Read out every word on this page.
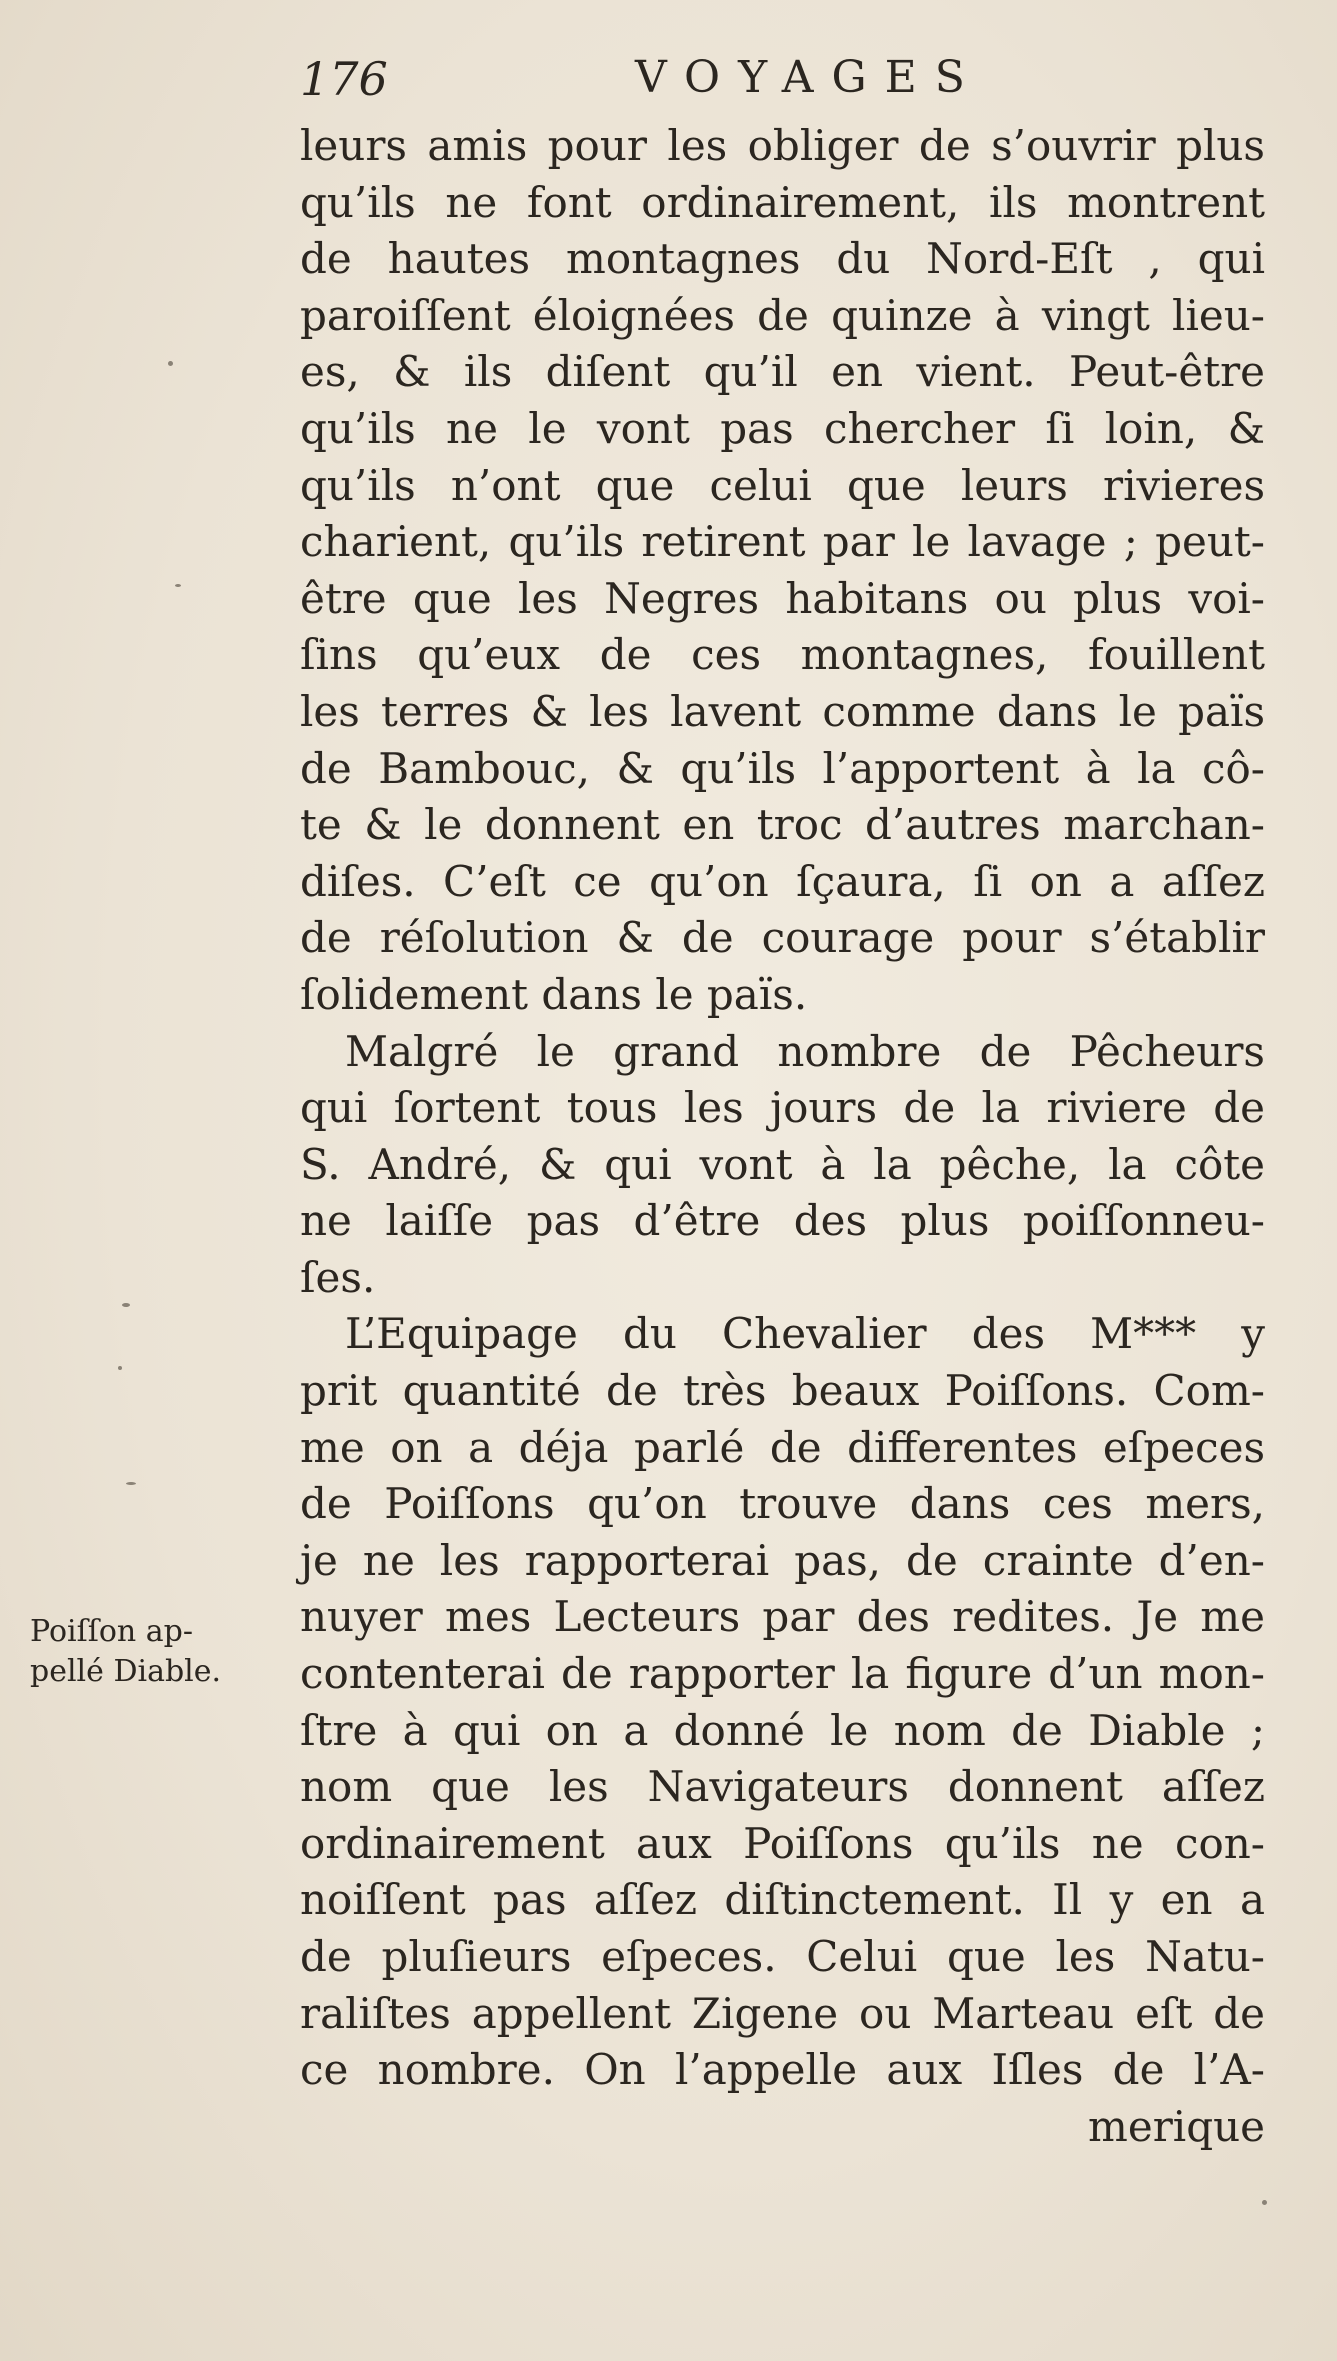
176	VOYAGES
leurs amis pour les obliger de s’ouvrir plus
qu’ils ne font ordinairement, ils montrent
de hautes montagnes du Nord-Eſt , qui
paroiſſent éloignées de quinze à vingt lieu-
es, & ils diſent qu’il en vient. Peut-être
qu’ils ne le vont pas chercher ſi loin, &
qu’ils n’ont que celui que leurs rivieres
charient, qu’ils retirent par le lavage ; peut-
être que les Negres habitans ou plus voi-
ſins qu’eux de ces montagnes, fouillent
les terres & les lavent comme dans le païs
de Bambouc, & qu’ils l’apportent à la cô-
te & le donnent en troc d’autres marchan-
diſes. C’eſt ce qu’on ſçaura, ſi on a aſſez
de réſolution & de courage pour s’établir
ſolidement dans le païs.
Malgré le grand nombre de Pêcheurs
qui ſortent tous les jours de la riviere de
S. André, & qui vont à la pêche, la côte
ne laiſſe pas d’être des plus poiſſonneu-
ſes.
L’Equipage du Chevalier des M*** y
prit quantité de très beaux Poiſſons. Com-
me on a déja parlé de differentes eſpeces
de Poiſſons qu’on trouve dans ces mers,
je ne les rapporterai pas, de crainte d’en-
nuyer mes Lecteurs par des redites. Je me
contenterai de rapporter la figure d’un mon-
ſtre à qui on a donné le nom de Diable ;
nom que les Navigateurs donnent aſſez
ordinairement aux Poiſſons qu’ils ne con-
noiſſent pas aſſez diſtinctement. Il y en a
de pluſieurs eſpeces. Celui que les Natu-
raliſtes appellent Zigene ou Marteau eſt de
ce nombre. On l’appelle aux Iſles de l’A-
merique
Poiſſon ap-
pellé Diable.
